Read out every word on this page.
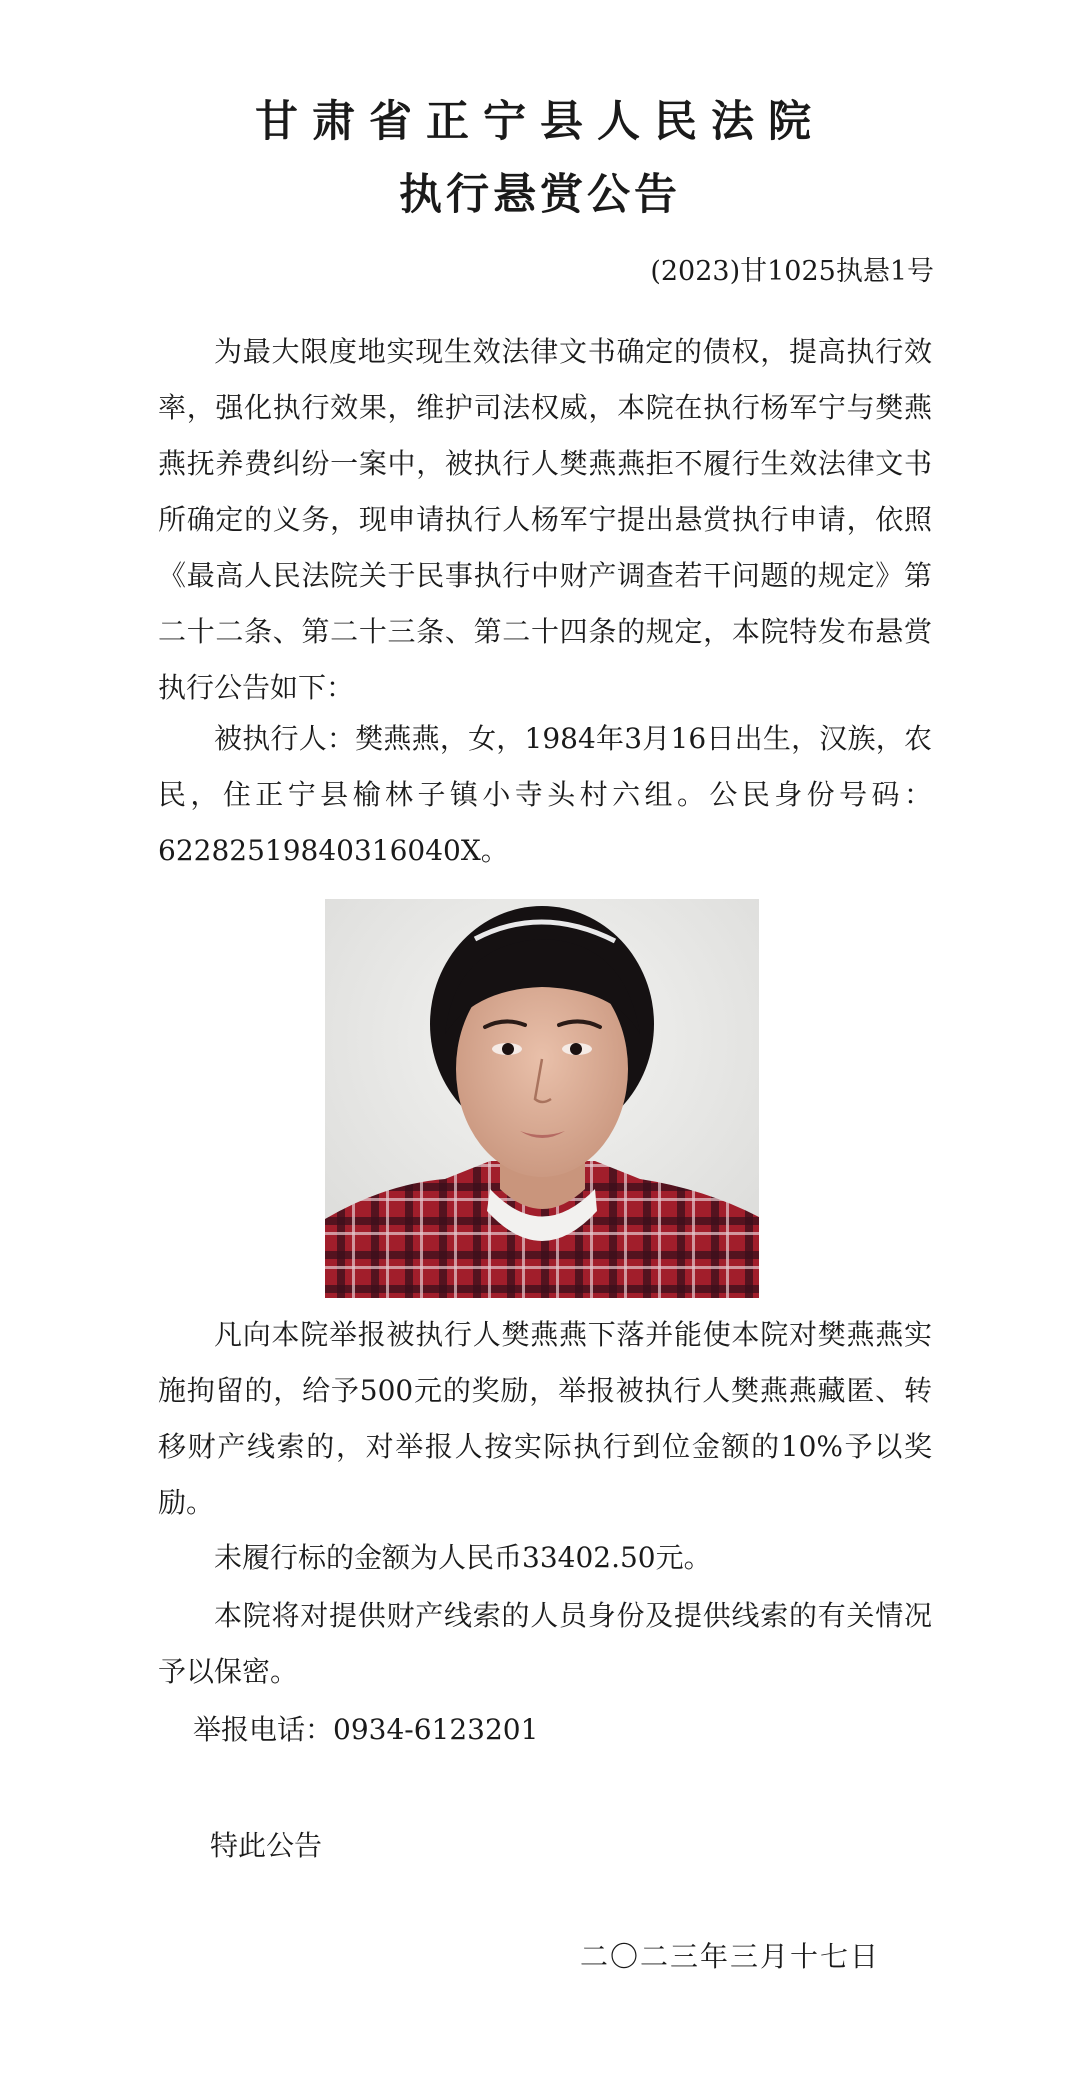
甘肃省正宁县人民法院
执行悬赏公告
(2023)甘1025执悬1号

为最大限度地实现生效法律文书确定的债权，提高执行效率，强化执行效果，维护司法权威，本院在执行杨军宁与樊燕燕抚养费纠纷一案中，被执行人樊燕燕拒不履行生效法律文书所确定的义务，现申请执行人杨军宁提出悬赏执行申请，依照《最高人民法院关于民事执行中财产调查若干问题的规定》第二十二条、第二十三条、第二十四条的规定，本院特发布悬赏执行公告如下：

被执行人：樊燕燕，女，1984年3月16日出生，汉族，农民，住正宁县榆林子镇小寺头村六组。公民身份号码：62282519840316040X。

凡向本院举报被执行人樊燕燕下落并能使本院对樊燕燕实施拘留的，给予500元的奖励，举报被执行人樊燕燕藏匿、转移财产线索的，对举报人按实际执行到位金额的10%予以奖励。

未履行标的金额为人民币33402.50元。

本院将对提供财产线索的人员身份及提供线索的有关情况予以保密。

举报电话：0934-6123201
特此公告
二〇二三年三月十七日
